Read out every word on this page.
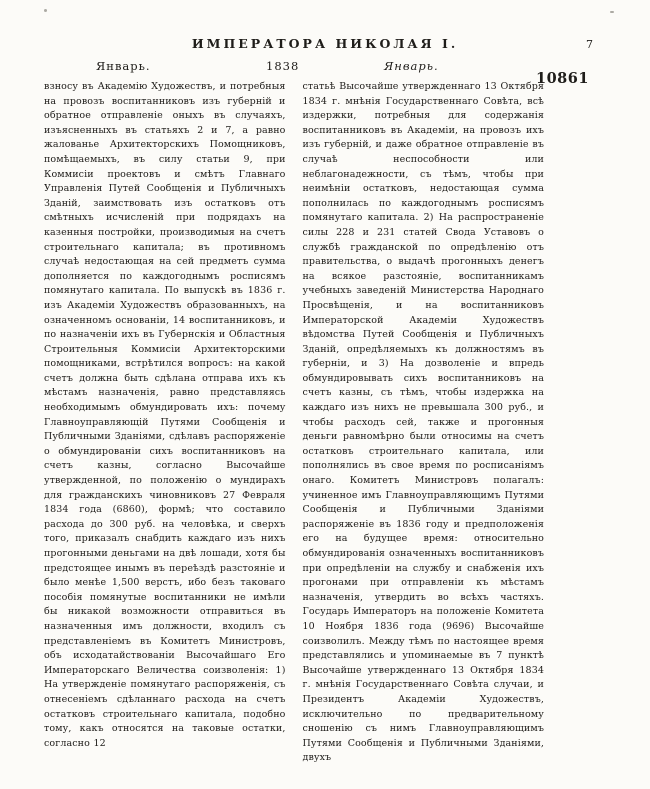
ИМПЕРАТОРА НИКОЛАЯ I.	7
Январь.	1838	Январь.
10861
взносу въ Академію Художествъ, и потребныя на провозъ воспитанниковъ изъ губерній и обратное отправленіе оныхъ въ случаяхъ, изъясненныхъ въ статьяхъ 2 и 7, а равно жалованье Архитекторскихъ Помощниковъ, помѣщаемыхъ, въ силу статьи 9, при Коммисіи проектовъ и смѣтъ Главнаго Управленія Путей Сообщенія и Публичныхъ Зданій, заимствовать изъ остатковъ отъ смѣтныхъ исчисленій при подрядахъ на казенныя постройки, производимыя на счетъ строительнаго капитала; въ противномъ случаѣ недостающая на сей предметъ сумма дополняется по каждогоднымъ росписямъ помянутаго капитала. По выпускѣ въ 1836 г. изъ Академіи Художествъ образованныхъ, на означенномъ основаніи, 14 воспитанниковъ, и по назначеніи ихъ въ Губернскія и Областныя Строительныя Коммисіи Архитекторскими помощниками, встрѣтился вопросъ: на какой счетъ должна быть сдѣлана отправа ихъ къ мѣстамъ назначенія, равно представляясь необходимымъ обмундировать ихъ: почему Главноуправляющій Путями Сообщенія и Публичными Зданіями, сдѣлавъ распоряженіе о обмундированіи сихъ воспитанниковъ на счетъ казны, согласно Высочайше утвержденной, по положенію о мундирахъ для гражданскихъ чиновниковъ 27 Февраля 1834 года (6860), формѣ; что составило расхода до 300 руб. на человѣка, и сверхъ того, приказалъ снабдить каждаго изъ нихъ прогонными деньгами на двѣ лошади, хотя бы предстоящее инымъ въ переѣздѣ разстояніе и было менѣе 1,500 верстъ, ибо безъ таковаго пособія помянутые воспитанники не имѣли бы никакой возможности отправиться въ назначенныя имъ должности, входилъ съ представленіемъ въ Комитетъ Министровъ, объ исходатайствованіи Высочайшаго Его Императорскаго Величества соизволенія: 1) На утвержденіе помянутаго распоряженія, съ отнесеніемъ сдѣланнаго расхода на счетъ остатковъ строительнаго капитала, подобно тому, какъ относятся на таковые остатки, согласно 12
статьѣ Высочайше утвержденнаго 13 Октября 1834 г. мнѣнія Государственнаго Совѣта, всѣ издержки, потребныя для содержанія воспитанниковъ въ Академіи, на провозъ ихъ изъ губерній, и даже обратное отправленіе въ случаѣ неспособности или неблагонадежности, съ тѣмъ, чтобы при неимѣніи остатковъ, недостающая сумма пополнилась по каждогоднымъ росписямъ помянутаго капитала. 2) На распространеніе силы 228 и 231 статей Свода Уставовъ о службѣ гражданской по опредѣленію отъ правительства, о выдачѣ прогонныхъ денегъ на всякое разстояніе, воспитанникамъ учебныхъ заведеній Министерства Народнаго Просвѣщенія, и на воспитанниковъ Императорской Академіи Художествъ вѣдомства Путей Сообщенія и Публичныхъ Зданій, опредѣляемыхъ къ должностямъ въ губерніи, и 3) На дозволеніе и впредь обмундировывать сихъ воспитанниковъ на счетъ казны, съ тѣмъ, чтобы издержка на каждаго изъ нихъ не превышала 300 руб., и чтобы расходъ сей, также и прогонныя деньги равномѣрно были относимы на счетъ остатковъ строительнаго капитала, или пополнялись въ свое время по росписаніямъ онаго. Комитетъ Министровъ полагалъ: учиненное имъ Главноуправляющимъ Путями Сообщенія и Публичными Зданіями распоряженіе въ 1836 году и предположенія его на будущее время: относительно обмундированія означенныхъ воспитанниковъ при опредѣленіи на службу и снабженія ихъ прогонами при отправленіи къ мѣстамъ назначенія, утвердить во всѣхъ частяхъ. Государь Императоръ на положеніе Комитета 10 Ноября 1836 года (9696) Высочайше соизволилъ. Между тѣмъ по настоящее время представлялись и упоминаемые въ 7 пунктѣ Высочайше утвержденнаго 13 Октября 1834 г. мнѣнія Государственнаго Совѣта случаи, и Президентъ Академіи Художествъ, исключительно по предварительному сношенію съ нимъ Главноуправляющимъ Путями Сообщенія и Публичными Зданіями, двухъ
